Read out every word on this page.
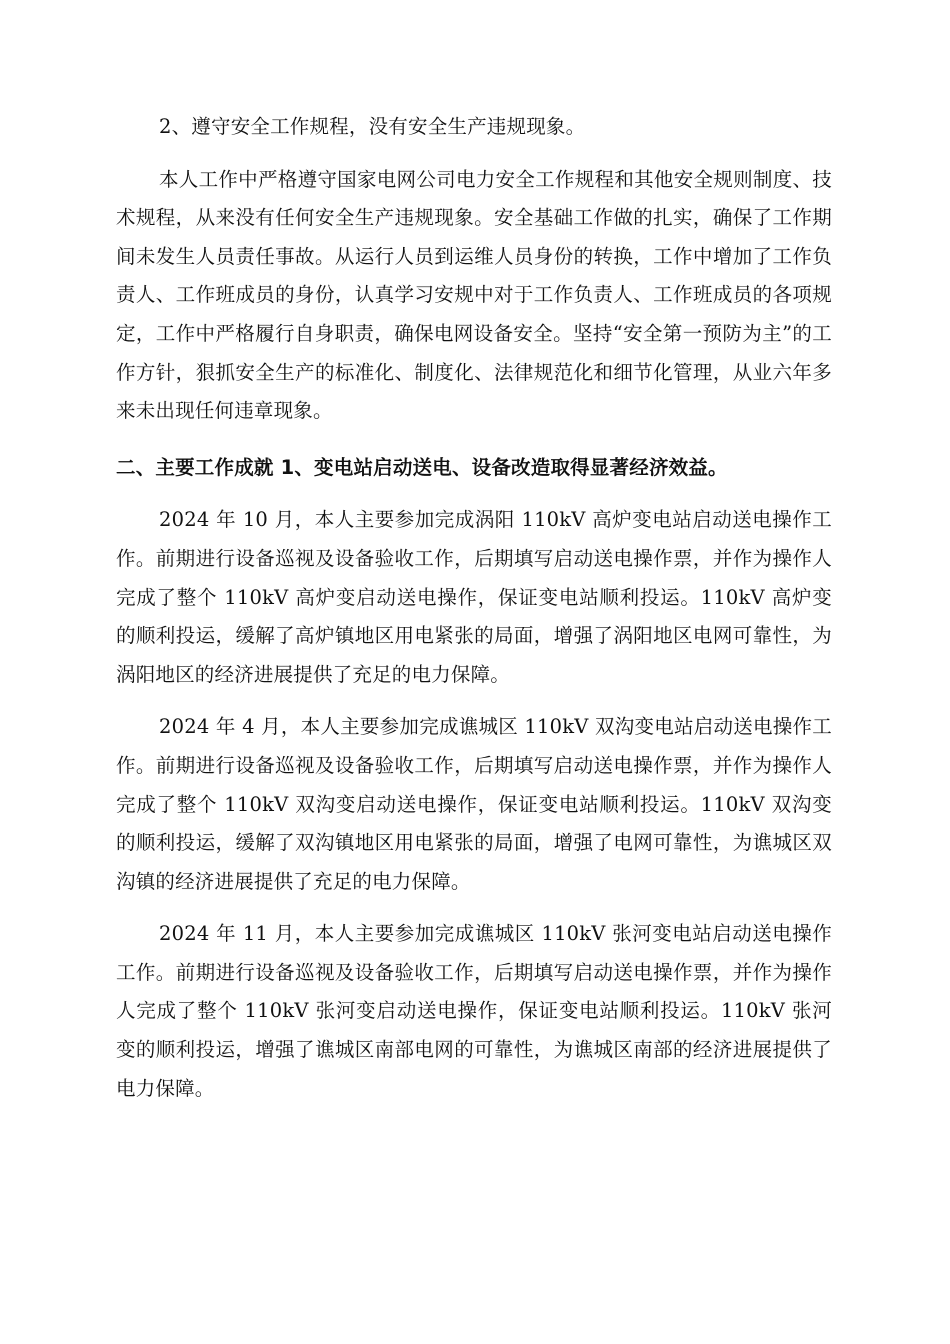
2、遵守安全工作规程，没有安全生产违规现象。

本人工作中严格遵守国家电网公司电力安全工作规程和其他安全规则制度、技术规程，从来没有任何安全生产违规现象。安全基础工作做的扎实，确保了工作期间未发生人员责任事故。从运行人员到运维人员身份的转换，工作中增加了工作负责人、工作班成员的身份，认真学习安规中对于工作负责人、工作班成员的各项规定，工作中严格履行自身职责，确保电网设备安全。坚持“安全第一预防为主”的工作方针，狠抓安全生产的标准化、制度化、法律规范化和细节化管理，从业六年多来未出现任何违章现象。

二、主要工作成就 1、变电站启动送电、设备改造取得显著经济效益。

2024 年 10 月，本人主要参加完成涡阳 110kV 高炉变电站启动送电操作工作。前期进行设备巡视及设备验收工作，后期填写启动送电操作票，并作为操作人完成了整个 110kV 高炉变启动送电操作，保证变电站顺利投运。110kV 高炉变的顺利投运，缓解了高炉镇地区用电紧张的局面，增强了涡阳地区电网可靠性，为涡阳地区的经济进展提供了充足的电力保障。

2024 年 4 月，本人主要参加完成谯城区 110kV 双沟变电站启动送电操作工作。前期进行设备巡视及设备验收工作，后期填写启动送电操作票，并作为操作人完成了整个 110kV 双沟变启动送电操作，保证变电站顺利投运。110kV 双沟变的顺利投运，缓解了双沟镇地区用电紧张的局面，增强了电网可靠性，为谯城区双沟镇的经济进展提供了充足的电力保障。

2024 年 11 月，本人主要参加完成谯城区 110kV 张河变电站启动送电操作工作。前期进行设备巡视及设备验收工作，后期填写启动送电操作票，并作为操作人完成了整个 110kV 张河变启动送电操作，保证变电站顺利投运。110kV 张河变的顺利投运，增强了谯城区南部电网的可靠性，为谯城区南部的经济进展提供了电力保障。
